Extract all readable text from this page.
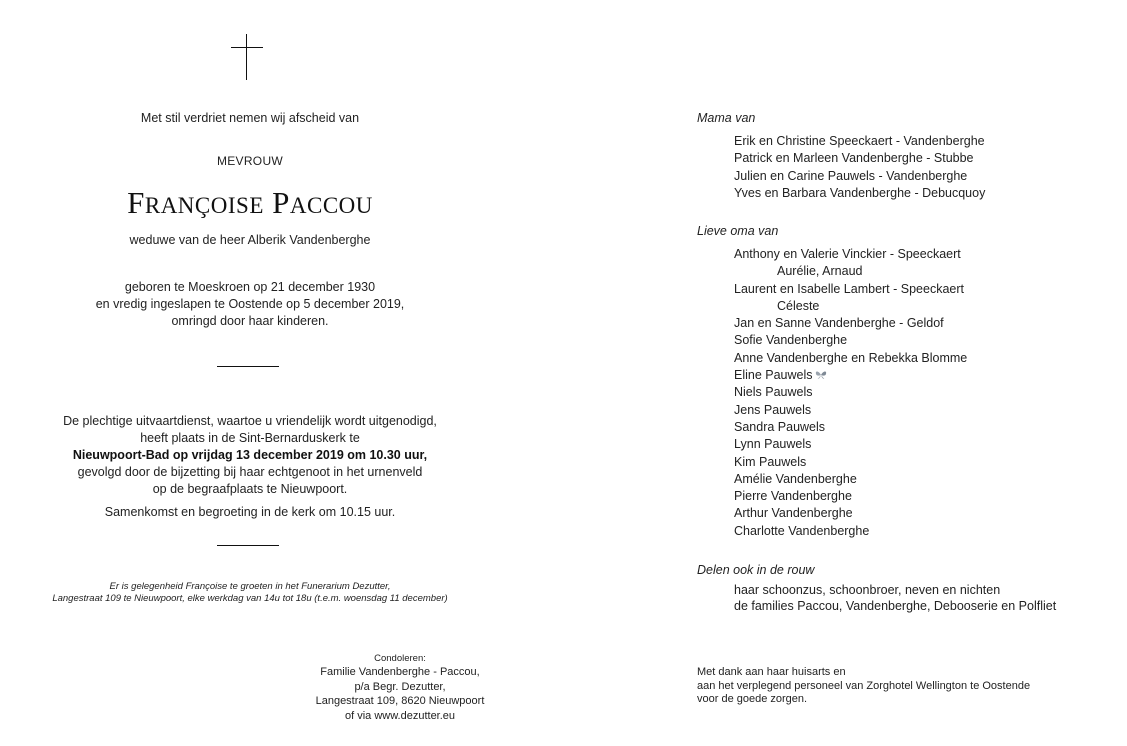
Met stil verdriet nemen wij afscheid van
MEVROUW
FRANÇOISE PACCOU
weduwe van de heer Alberik Vandenberghe
geboren te Moeskroen op 21 december 1930
en vredig ingeslapen te Oostende op 5 december 2019,
omringd door haar kinderen.
De plechtige uitvaartdienst, waartoe u vriendelijk wordt uitgenodigd,
heeft plaats in de Sint-Bernarduskerk te
Nieuwpoort-Bad op vrijdag 13 december 2019 om 10.30 uur,
gevolgd door de bijzetting bij haar echtgenoot in het urnenveld
op de begraafplaats te Nieuwpoort.
Samenkomst en begroeting in de kerk om 10.15 uur.
Er is gelegenheid Françoise te groeten in het Funerarium Dezutter,
Langestraat 109 te Nieuwpoort, elke werkdag van 14u tot 18u (t.e.m. woensdag 11 december)
Condoleren:
Familie Vandenberghe - Paccou,
p/a Begr. Dezutter,
Langestraat 109, 8620 Nieuwpoort
of via www.dezutter.eu
Mama van
Erik en Christine Speeckaert - Vandenberghe
Patrick en Marleen Vandenberghe - Stubbe
Julien en Carine Pauwels - Vandenberghe
Yves en Barbara Vandenberghe - Debucquoy
Lieve oma van
Anthony en Valerie Vinckier - Speeckaert
Aurélie, Arnaud
Laurent en Isabelle Lambert - Speeckaert
Céleste
Jan en Sanne Vandenberghe - Geldof
Sofie Vandenberghe
Anne Vandenberghe en Rebekka Blomme
Eline Pauwels
Niels Pauwels
Jens Pauwels
Sandra Pauwels
Lynn Pauwels
Kim Pauwels
Amélie Vandenberghe
Pierre Vandenberghe
Arthur Vandenberghe
Charlotte Vandenberghe
Delen ook in de rouw
haar schoonzus, schoonbroer, neven en nichten
de families Paccou, Vandenberghe, Debooserie en Polfliet
Met dank aan haar huisarts en
aan het verplegend personeel van Zorghotel Wellington te Oostende
voor de goede zorgen.
